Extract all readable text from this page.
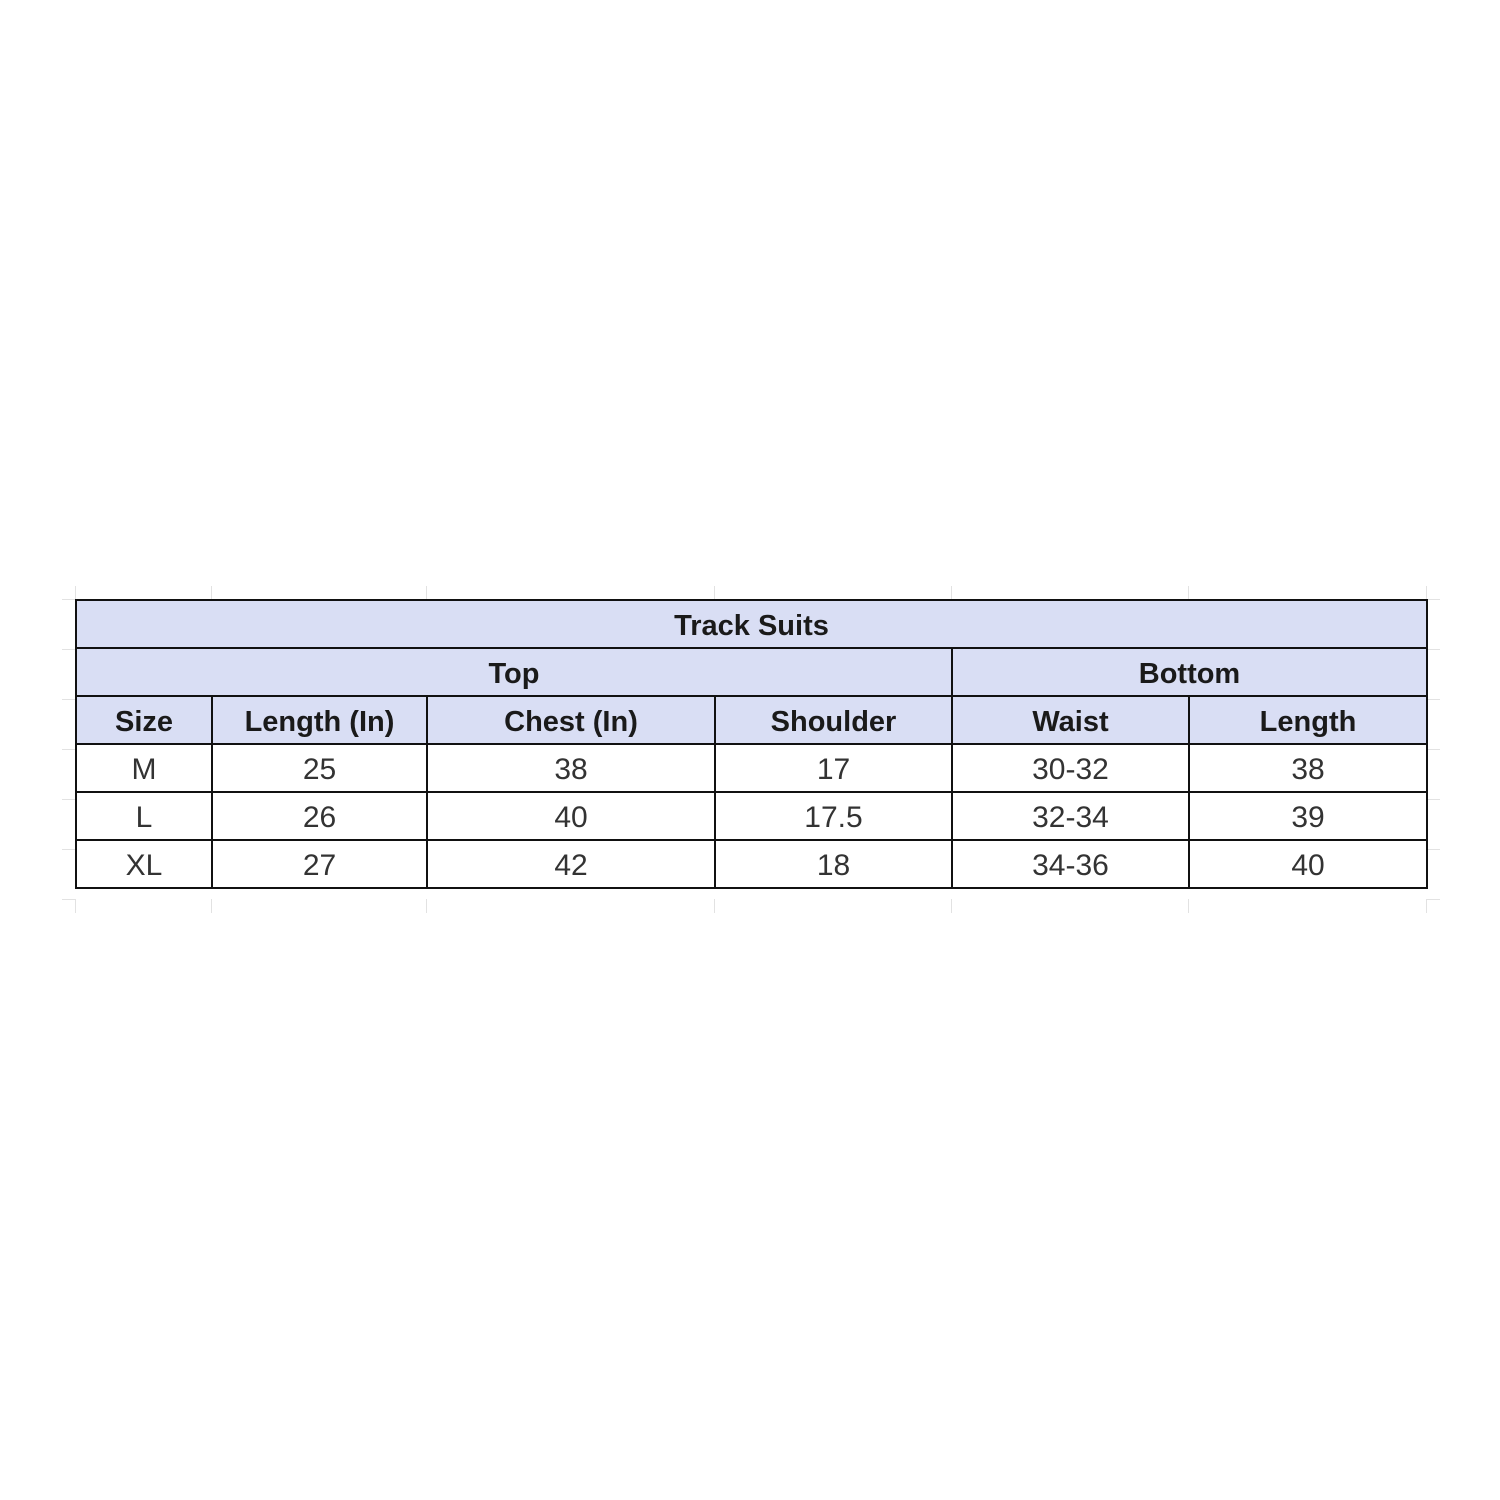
Track Suits					
Top				Bottom	
Size	Length (In)	Chest (In)	Shoulder	Waist	Length
M	25	38	17	30-32	38
L	26	40	17.5	32-34	39
XL	27	42	18	34-36	40
